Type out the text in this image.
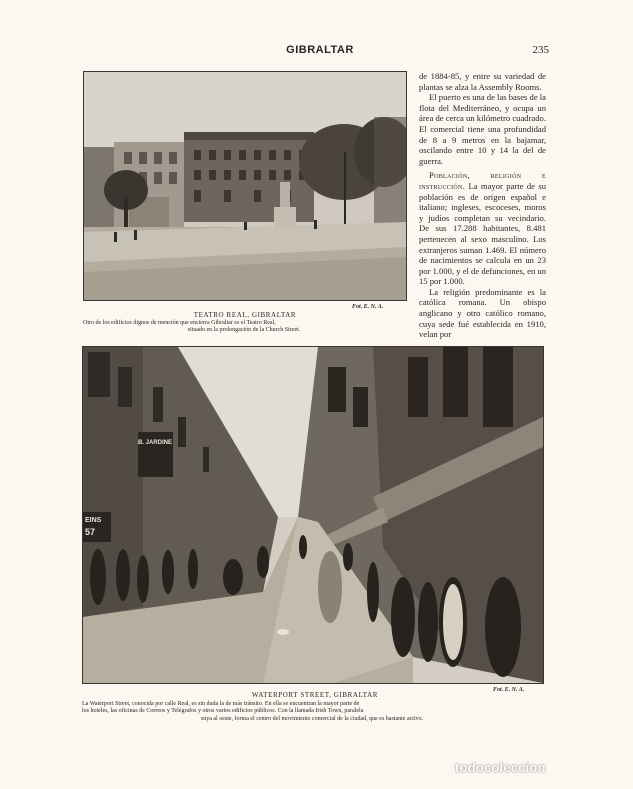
GIBRALTAR	235
Fot. E. N. A.
TEATRO REAL, GIBRALTAR
Otro de los edificios dignos de mención que encierra Gibraltar es el Teatro Real,
situado en la prolongación de la Church Street.
B. JARDINE
EINS
57
Fot. E. N. A.
WATERPORT STREET, GIBRALTAR
La Waterport Street, conocida por calle Real, es sin duda la de más tránsito. En ella se encuentran la mayor parte de
los hoteles, las oficinas de Correos y Telégrafos y otros varios edificios públicos. Con la llamada Irish Town, paralela
suya al oeste, forma el centro del movimiento comercial de la ciudad, que es bastante activo.

de 1884-85, y entre su variedad de plantas se alza la Assembly Rooms.

El puerto es una de las bases de la flota del Mediterráneo, y ocupa un área de cerca un kilómetro cuadrado. El comercial tiene una profundidad de 8 a 9 metros en la bajamar, oscilando entre 10 y 14 la del de guerra.

Población, religión e instrucción. La mayor parte de su población es de origen español e italiano; ingleses, escoceses, moros y judíos completan su vecindario. De sus 17.288 habitantes, 8.481 pertenecen al sexo masculino. Los extranjeros suman 1.469. El número de nacimientos se calcula en un 23 por 1.000, y el de defunciones, en un 15 por 1.000.

La religión predominante es la católica romana. Un obispo anglicano y otro católico romano, cuya sede fué establecida en 1910, velan por

todocoleccion
